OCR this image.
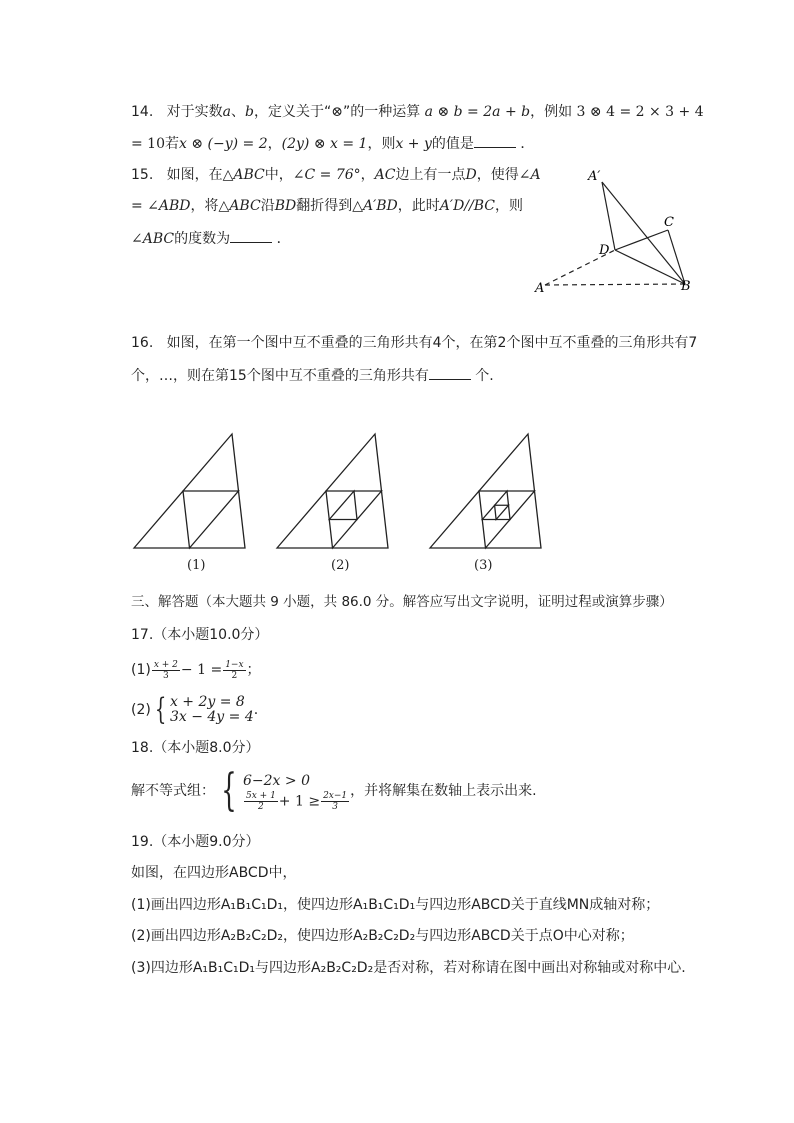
14. 对于实数a、b，定义关于“⊗”的一种运算 a ⊗ b = 2a + b，例如 3 ⊗ 4 = 2 × 3 + 4
= 10若x ⊗ (−y) = 2，(2y) ⊗ x = 1，则x + y的值是	．
15. 如图，在△ABC中，∠C = 76°，AC边上有一点D，使得∠A
= ∠ABD，将△ABC沿BD翻折得到△A′BD，此时A′D//BC，则
∠ABC的度数为	．
A′
C
D
A	B
16. 如图，在第一个图中互不重叠的三角形共有4个，在第2个图中互不重叠的三角形共有7
个，…，则在第15个图中互不重叠的三角形共有	个.
(1)	(2)	(3)
三、解答题（本大题共 9 小题，共 86.0 分。解答应写出文字说明，证明过程或演算步骤）
17.（本小题10.0分）
$(1) \frac{x + 2}{3} - 1 = \frac{1-x}{2}$ ；
(2) { x + 2y = 8
3x − 4y = 4 .
18.（本小题8.0分）
解不等式组： { 6−2x > 0
$\frac{5x + 1}{2} + 1 \ge \frac{2x-1}{3}$ ，并将解集在数轴上表示出来.
19.（本小题9.0分）
如图，在四边形ABCD中，
(1)画出四边形A₁B₁C₁D₁，使四边形A₁B₁C₁D₁与四边形ABCD关于直线MN成轴对称；
(2)画出四边形A₂B₂C₂D₂，使四边形A₂B₂C₂D₂与四边形ABCD关于点O中心对称；
(3)四边形A₁B₁C₁D₁与四边形A₂B₂C₂D₂是否对称，若对称请在图中画出对称轴或对称中心.
